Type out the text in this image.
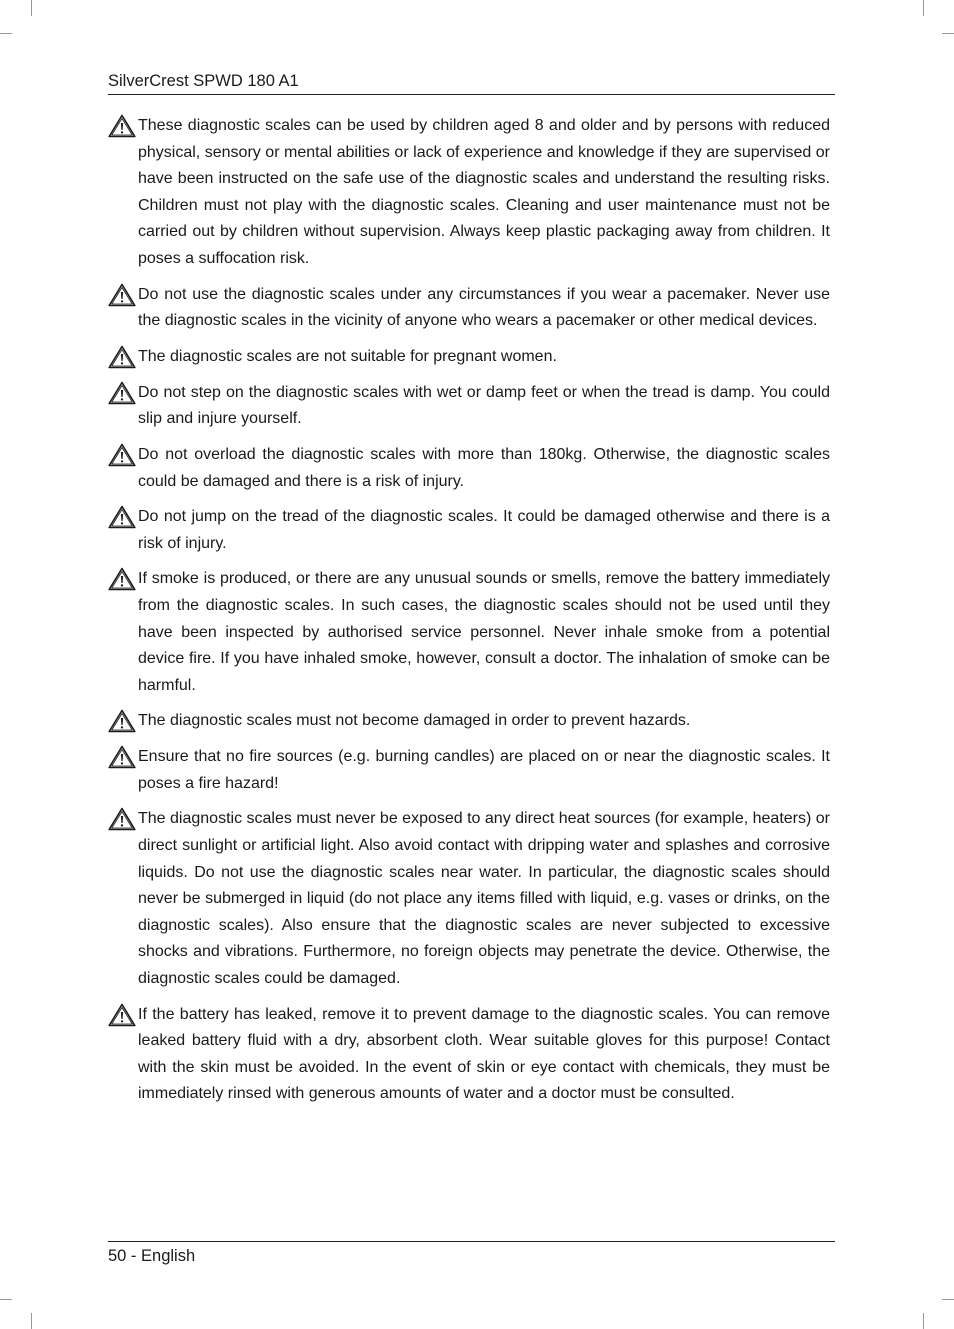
SilverCrest SPWD 180 A1
These diagnostic scales can be used by children aged 8 and older and by persons with reduced physical, sensory or mental abilities or lack of experience and knowledge if they are supervised or have been instructed on the safe use of the diagnostic scales and understand the resulting risks. Children must not play with the diagnostic scales. Cleaning and user maintenance must not be carried out by children without supervision. Always keep plastic packaging away from children. It poses a suffocation risk.
Do not use the diagnostic scales under any circumstances if you wear a pacemaker. Never use the diagnostic scales in the vicinity of anyone who wears a pacemaker or other medical devices.
The diagnostic scales are not suitable for pregnant women.
Do not step on the diagnostic scales with wet or damp feet or when the tread is damp. You could slip and injure yourself.
Do not overload the diagnostic scales with more than 180kg. Otherwise, the diagnostic scales could be damaged and there is a risk of injury.
Do not jump on the tread of the diagnostic scales. It could be damaged otherwise and there is a risk of injury.
If smoke is produced, or there are any unusual sounds or smells, remove the battery immediately from the diagnostic scales. In such cases, the diagnostic scales should not be used until they have been inspected by authorised service personnel. Never inhale smoke from a potential device fire. If you have inhaled smoke, however, consult a doctor. The inhalation of smoke can be harmful.
The diagnostic scales must not become damaged in order to prevent hazards.
Ensure that no fire sources (e.g. burning candles) are placed on or near the diagnostic scales. It poses a fire hazard!
The diagnostic scales must never be exposed to any direct heat sources (for example, heaters) or direct sunlight or artificial light. Also avoid contact with dripping water and splashes and corrosive liquids. Do not use the diagnostic scales near water. In particular, the diagnostic scales should never be submerged in liquid (do not place any items filled with liquid, e.g. vases or drinks, on the diagnostic scales). Also ensure that the diagnostic scales are never subjected to excessive shocks and vibrations. Furthermore, no foreign objects may penetrate the device. Otherwise, the diagnostic scales could be damaged.
If the battery has leaked, remove it to prevent damage to the diagnostic scales. You can remove leaked battery fluid with a dry, absorbent cloth. Wear suitable gloves for this purpose! Contact with the skin must be avoided. In the event of skin or eye contact with chemicals, they must be immediately rinsed with generous amounts of water and a doctor must be consulted.
50 - English
